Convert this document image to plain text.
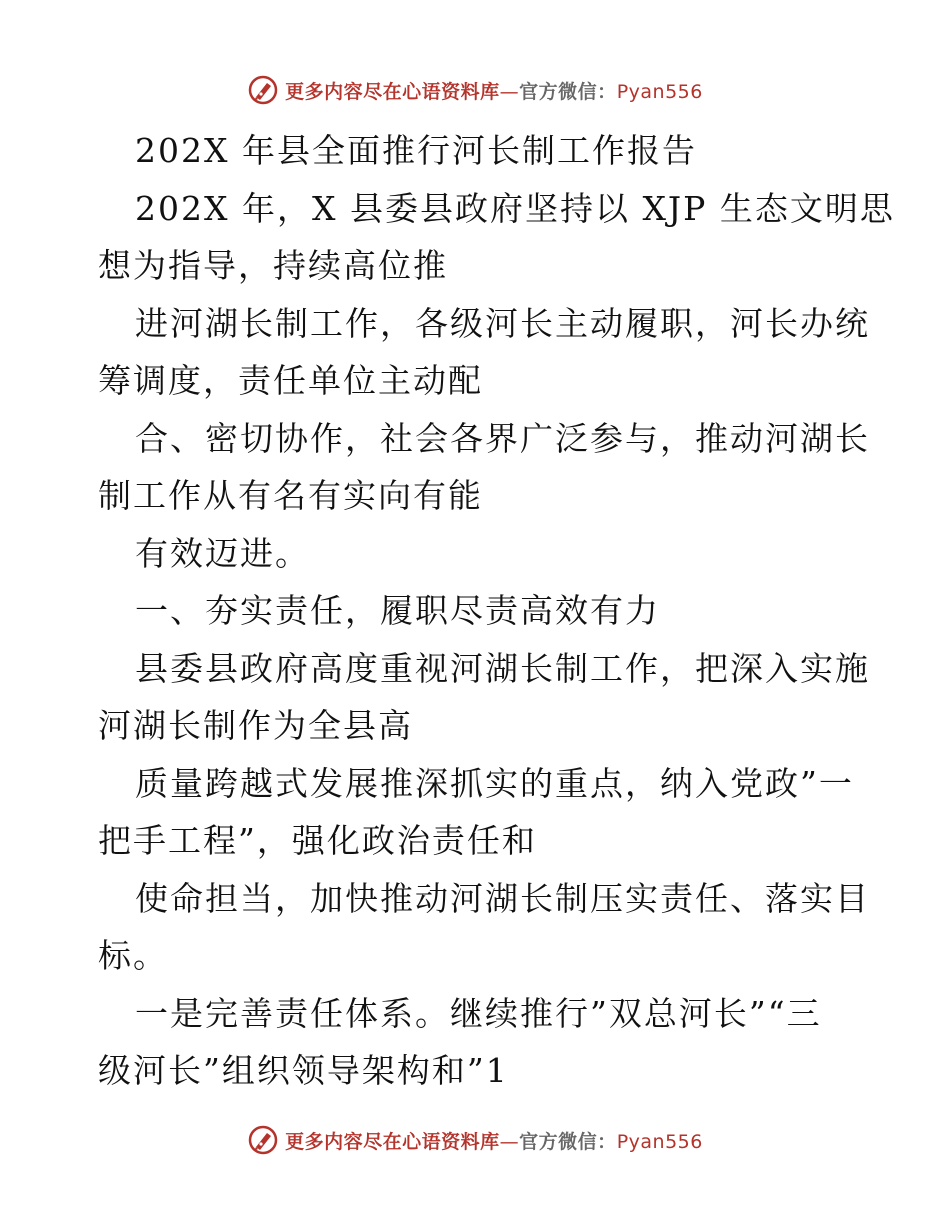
更多内容尽在心语资料库—官方微信：Pyan556
202X 年县全面推行河长制工作报告
202X 年，X 县委县政府坚持以 XJP 生态文明思
想为指导，持续高位推
进河湖长制工作，各级河长主动履职，河长办统
筹调度，责任单位主动配
合、密切协作，社会各界广泛参与，推动河湖长
制工作从有名有实向有能
有效迈进。
一、夯实责任，履职尽责高效有力
县委县政府高度重视河湖长制工作，把深入实施
河湖长制作为全县高
质量跨越式发展推深抓实的重点，纳入党政”一
把手工程”，强化政治责任和
使命担当，加快推动河湖长制压实责任、落实目
标。
一是完善责任体系。继续推行”双总河长”“三
级河长”组织领导架构和”1
更多内容尽在心语资料库—官方微信：Pyan556
